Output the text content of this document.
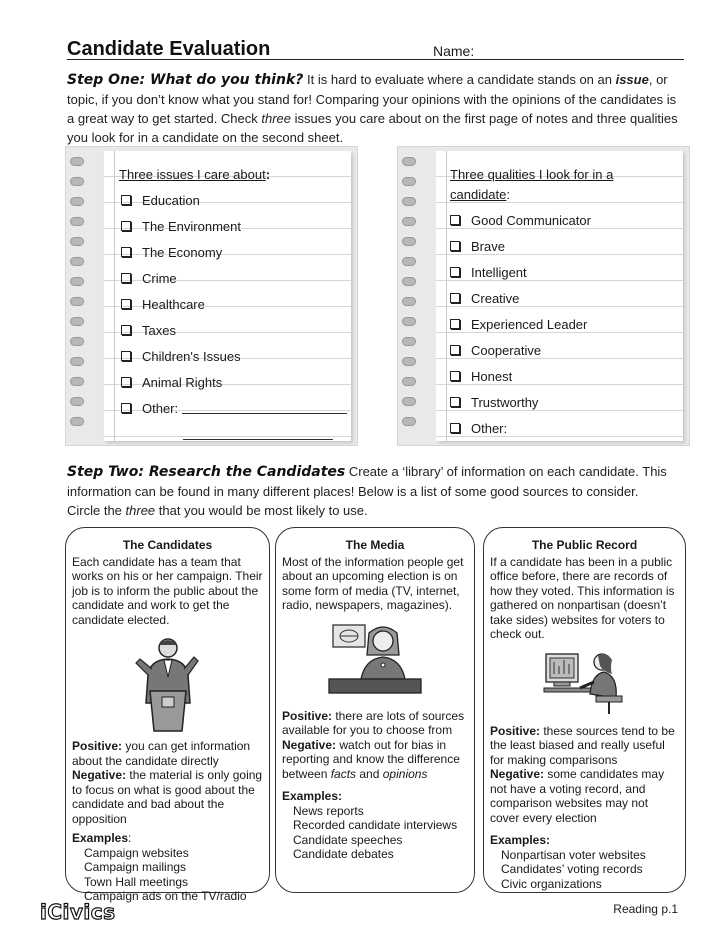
Candidate Evaluation	Name:
Step One: What do you think? It is hard to evaluate where a candidate stands on an issue, or topic, if you don’t know what you stand for! Comparing your opinions with the opinions of the candidates is a great way to get started. Check three issues you care about on the first page of notes and three qualities you look for in a candidate on the second sheet.
Three issues I care about:
Education
The Environment
The Economy
Crime
Healthcare
Taxes
Children's Issues
Animal Rights
Other:
Three qualities I look for in a candidate:
Good Communicator
Brave
Intelligent
Creative
Experienced Leader
Cooperative
Honest
Trustworthy
Other:
Step Two: Research the Candidates Create a ‘library’ of information on each candidate. This information can be found in many different places! Below is a list of some good sources to consider. Circle the three that you would be most likely to use.
The Candidates
Each candidate has a team that works on his or her campaign. Their job is to inform the public about the candidate and work to get the candidate elected.
Positive: you can get information about the candidate directly
Negative: the material is only going to focus on what is good about the candidate and bad about the opposition
Examples:
Campaign websites
Campaign mailings
Town Hall meetings
Campaign ads on the TV/radio
The Media
Most of the information people get about an upcoming election is on some form of media (TV, internet, radio, newspapers, magazines).
Positive: there are lots of sources available for you to choose from
Negative: watch out for bias in reporting and know the difference between facts and opinions
Examples:
News reports
Recorded candidate interviews
Candidate speeches
Candidate debates
The Public Record
If a candidate has been in a public office before, there are records of how they voted. This information is gathered on nonpartisan (doesn’t take sides) websites for voters to check out.
Positive: these sources tend to be the least biased and really useful for making comparisons
Negative: some candidates may not have a voting record, and comparison websites may not cover every election
Examples:
Nonpartisan voter websites
Candidates’ voting records
Civic organizations
iCivics	Reading p.1
